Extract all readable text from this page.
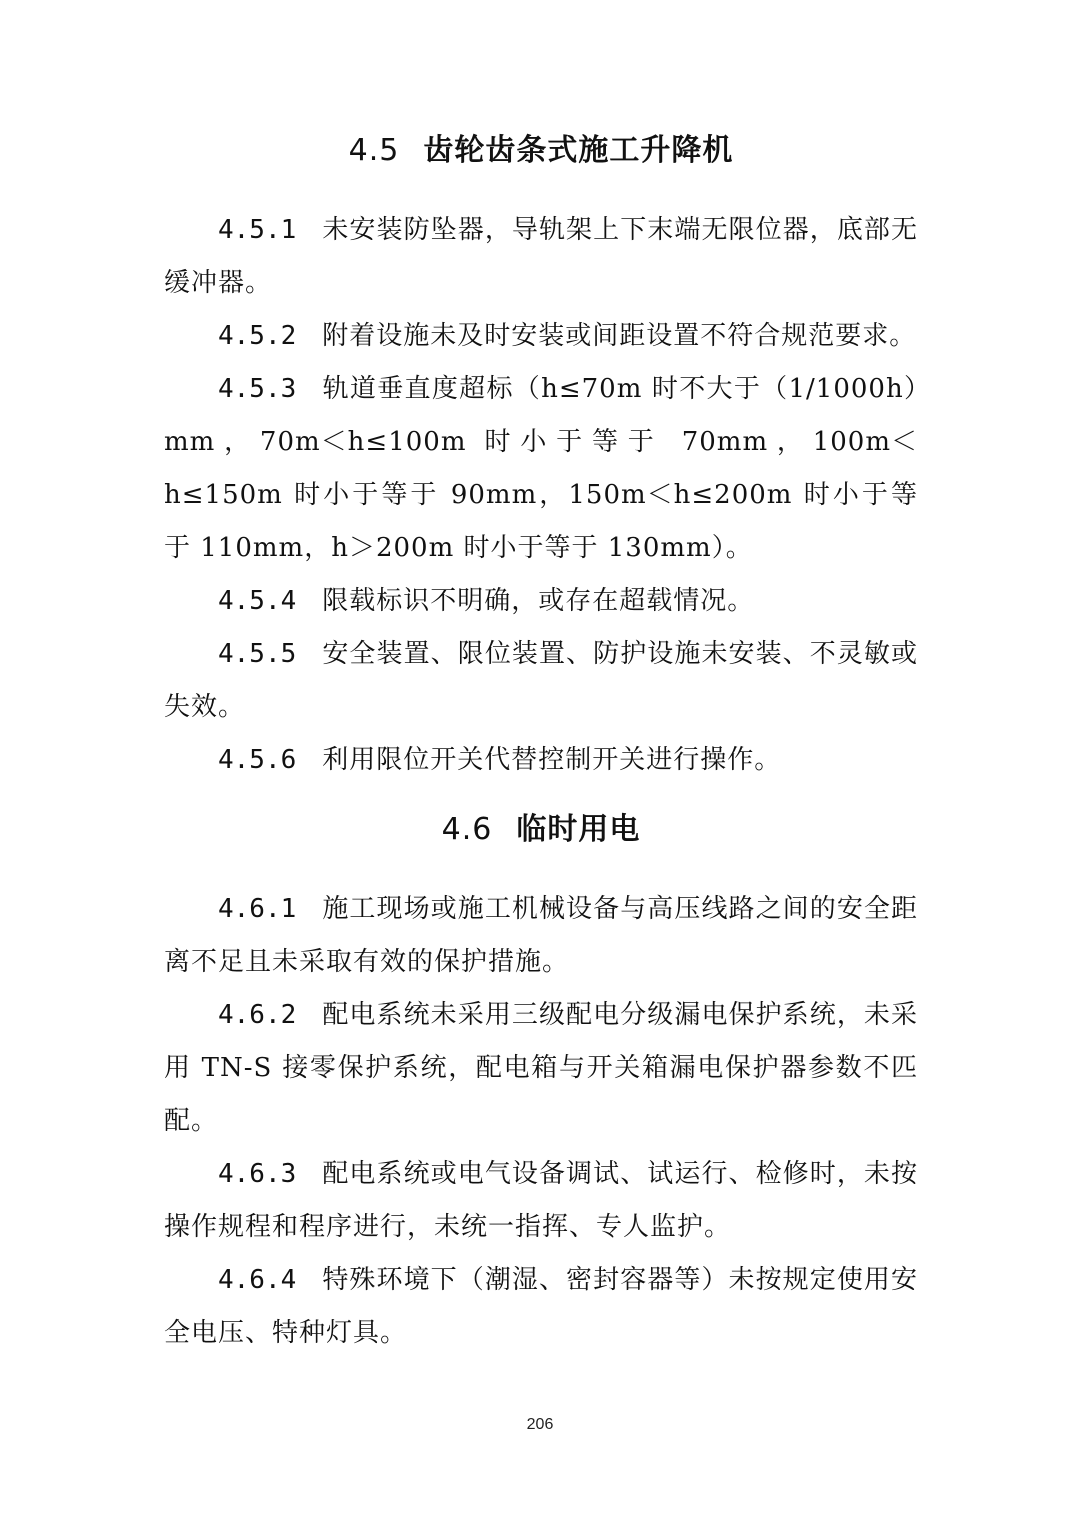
4.5 齿轮齿条式施工升降机

4.5.1 未安装防坠器，导轨架上下末端无限位器，底部无缓冲器。

4.5.2 附着设施未及时安装或间距设置不符合规范要求。

4.5.3 轨道垂直度超标（h≤70m 时不大于（1/1000h）mm，70m＜h≤100m 时小于等于 70mm，100m＜h≤150m 时小于等于 90mm，150m＜h≤200m 时小于等于 110mm，h＞200m 时小于等于 130mm）。

4.5.4 限载标识不明确，或存在超载情况。

4.5.5 安全装置、限位装置、防护设施未安装、不灵敏或失效。

4.5.6 利用限位开关代替控制开关进行操作。

4.6 临时用电

4.6.1 施工现场或施工机械设备与高压线路之间的安全距离不足且未采取有效的保护措施。

4.6.2 配电系统未采用三级配电分级漏电保护系统，未采用 TN-S 接零保护系统，配电箱与开关箱漏电保护器参数不匹配。

4.6.3 配电系统或电气设备调试、试运行、检修时，未按操作规程和程序进行，未统一指挥、专人监护。

4.6.4 特殊环境下（潮湿、密封容器等）未按规定使用安全电压、特种灯具。

206
